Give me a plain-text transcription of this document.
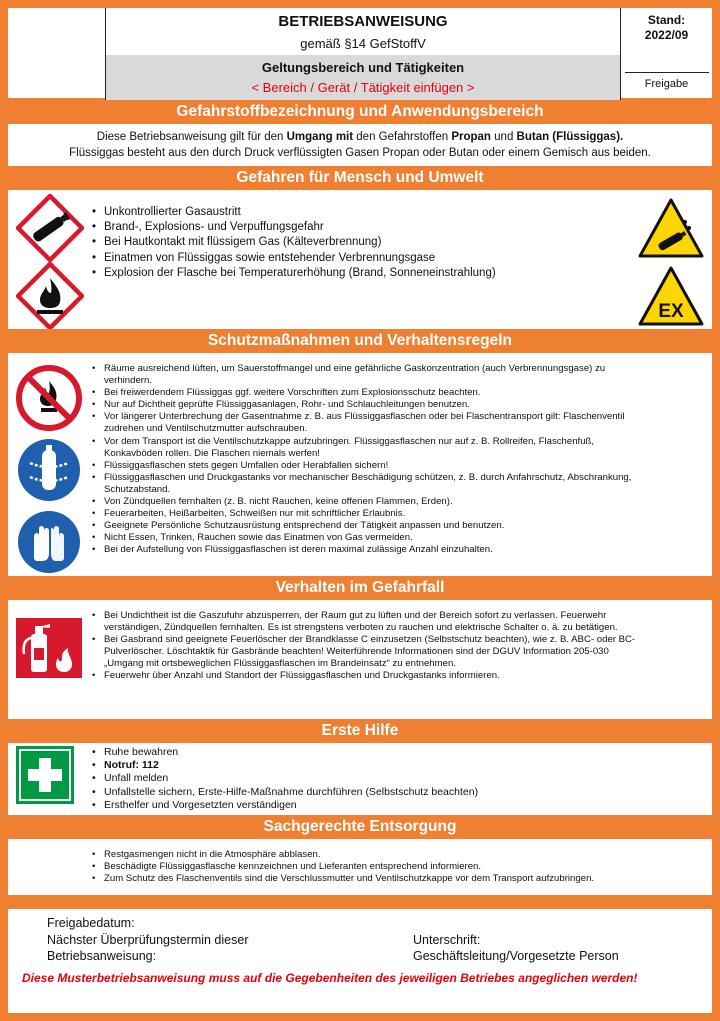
BETRIEBSANWEISUNG
gemäß §14 GefStoffV
Geltungsbereich und Tätigkeiten
< Bereich / Gerät / Tätigkeit einfügen >
Stand:
2022/09
Freigabe
Gefahrstoffbezeichnung und Anwendungsbereich
Diese Betriebsanweisung gilt für den Umgang mit den Gefahrstoffen Propan und Butan (Flüssiggas).
Flüssiggas besteht aus den durch Druck verflüssigten Gasen Propan oder Butan oder einem Gemisch aus beiden.
Gefahren für Mensch und Umwelt
• Unkontrollierter Gasaustritt
• Brand-, Explosions- und Verpuffungsgefahr
• Bei Hautkontakt mit flüssigem Gas (Kälteverbrennung)
• Einatmen von Flüssiggas sowie entstehender Verbrennungsgase
• Explosion der Flasche bei Temperaturerhöhung (Brand, Sonneneinstrahlung)
EX
Schutzmaßnahmen und Verhaltensregeln
• Räume ausreichend lüften, um Sauerstoffmangel und eine gefährliche Gaskonzentration (auch Verbrennungsgase) zu verhindern.
• Bei freiwerdendem Flüssiggas ggf. weitere Vorschriften zum Explosionsschutz beachten.
• Nur auf Dichtheit geprüfte Flüssiggasanlagen, Rohr- und Schlauchleitungen benutzen.
• Vor längerer Unterbrechung der Gasentnahme z. B. aus Flüssiggasflaschen oder bei Flaschentransport gilt: Flaschenventil zudrehen und Ventilschutzmutter aufschrauben.
• Vor dem Transport ist die Ventilschutzkappe aufzubringen. Flüssiggasflaschen nur auf z. B. Rollreifen, Flaschenfuß, Konkavböden rollen. Die Flaschen niemals werfen!
• Flüssiggasflaschen stets gegen Umfallen oder Herabfallen sichern!
• Flüssiggasflaschen und Druckgastanks vor mechanischer Beschädigung schützen, z. B. durch Anfahrschutz, Abschrankung, Schutzabstand.
• Von Zündquellen fernhalten (z. B. nicht Rauchen, keine offenen Flammen, Erden).
• Feuerarbeiten, Heißarbeiten, Schweißen nur mit schriftlicher Erlaubnis.
• Geeignete Persönliche Schutzausrüstung entsprechend der Tätigkeit anpassen und benutzen.
• Nicht Essen, Trinken, Rauchen sowie das Einatmen von Gas vermeiden.
• Bei der Aufstellung von Flüssiggasflaschen ist deren maximal zulässige Anzahl einzuhalten.
Verhalten im Gefahrfall
• Bei Undichtheit ist die Gaszufuhr abzusperren, der Raum gut zu lüften und der Bereich sofort zu verlassen. Feuerwehr verständigen, Zündquellen fernhalten. Es ist strengstens verboten zu rauchen und elektrische Schalter o. ä. zu betätigen.
• Bei Gasbrand sind geeignete Feuerlöscher der Brandklasse C einzusetzen (Selbstschutz beachten), wie z. B. ABC- oder BC-Pulverlöscher. Löschtaktik für Gasbrände beachten! Weiterführende Informationen sind der DGUV Information 205-030 „Umgang mit ortsbeweglichen Flüssiggasflaschen im Brandeinsatz“ zu entnehmen.
• Feuerwehr über Anzahl und Standort der Flüssiggasflaschen und Druckgastanks informieren.
Erste Hilfe
• Ruhe bewahren
• Notruf: 112
• Unfall melden
• Unfallstelle sichern, Erste-Hilfe-Maßnahme durchführen (Selbstschutz beachten)
• Ersthelfer und Vorgesetzten verständigen
Sachgerechte Entsorgung
• Restgasmengen nicht in die Atmosphäre abblasen.
• Beschädigte Flüssiggasflasche kennzeichnen und Lieferanten entsprechend informieren.
• Zum Schutz des Flaschenventils sind die Verschlussmutter und Ventilschutzkappe vor dem Transport aufzubringen.
Freigabedatum:
Nächster Überprüfungstermin dieser
Betriebsanweisung:
Unterschrift:
Geschäftsleitung/Vorgesetzte Person
Diese Musterbetriebsanweisung muss auf die Gegebenheiten des jeweiligen Betriebes angeglichen werden!
